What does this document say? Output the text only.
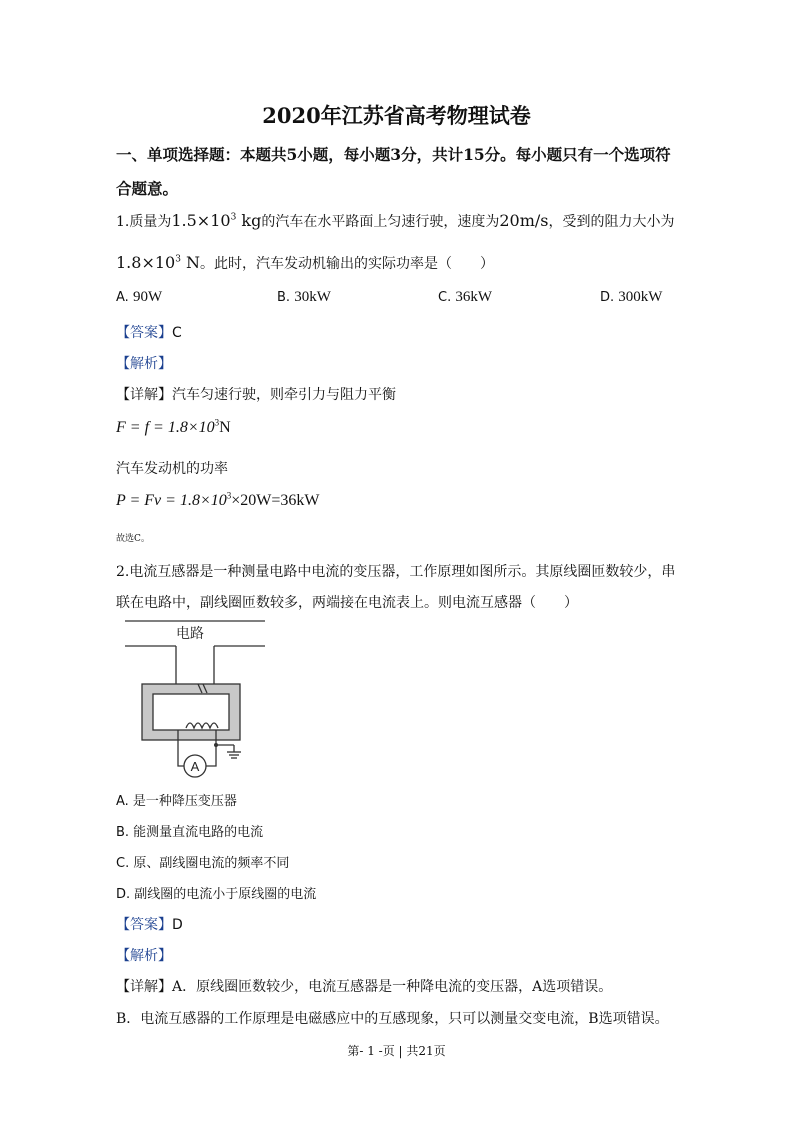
2020年江苏省高考物理试卷
一、单项选择题：本题共5小题，每小题3分，共计15分。每小题只有一个选项符
合题意。
1.质量为$1.5\times 10^3$ kg的汽车在水平路面上匀速行驶，速度为20m/s，受到的阻力大小为
$1.8\times 10^3$ N。此时，汽车发动机输出的实际功率是（　　）
A. 90W	B. 30kW	C. 36kW	D. 300kW
【答案】C
【解析】
【详解】汽车匀速行驶，则牵引力与阻力平衡
$F = f = 1.8\times 10^3N$
汽车发动机的功率
$P = Fv = 1.8\times 10^3\times 20W=36kW$
故选C。
2.电流互感器是一种测量电路中电流的变压器，工作原理如图所示。其原线圈匝数较少，串
联在电路中，副线圈匝数较多，两端接在电流表上。则电流互感器（　　）
A
电路
A. 是一种降压变压器
B. 能测量直流电路的电流
C. 原、副线圈电流的频率不同
D. 副线圈的电流小于原线圈的电流
【答案】D
【解析】
【详解】A．原线圈匝数较少，电流互感器是一种降电流的变压器，A选项错误。
B．电流互感器的工作原理是电磁感应中的互感现象，只可以测量交变电流，B选项错误。
第- 1 -页 | 共21页
